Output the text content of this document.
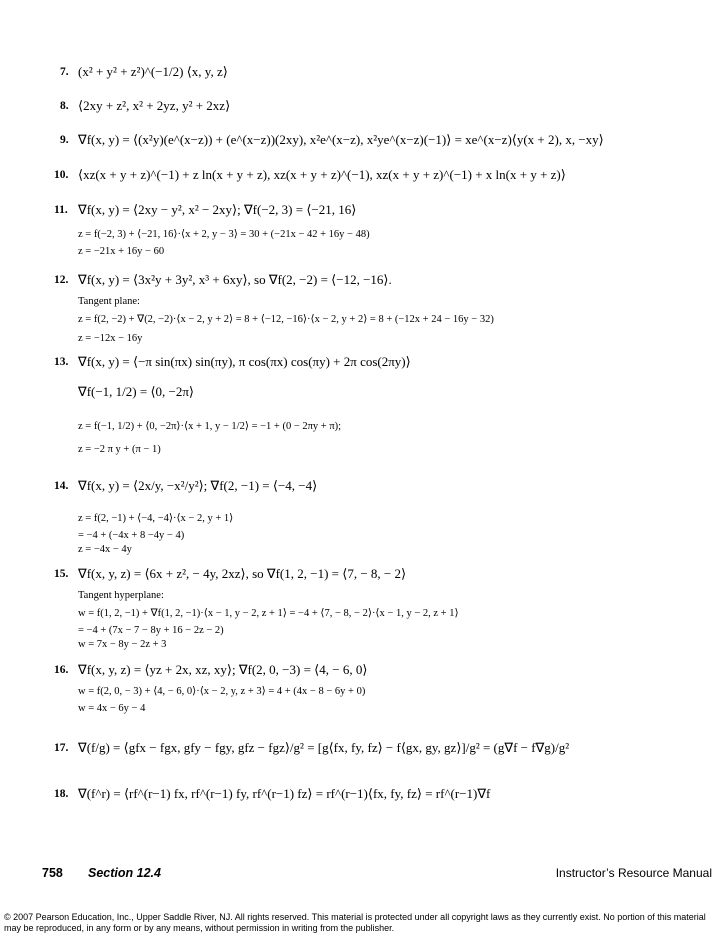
7. (x² + y² + z²)^(−1/2) ⟨x, y, z⟩
8. ⟨2xy + z², x² + 2yz, y² + 2xz⟩
9. ∇f(x, y) = ⟨(x²y)(e^(x−z)) + (e^(x−z))(2xy), x²e^(x−z), x²ye^(x−z)(−1)⟩ = xe^(x−z)⟨y(x + 2), x, −xy⟩
10. ⟨xz(x + y + z)^(−1) + z ln(x + y + z), xz(x + y + z)^(−1), xz(x + y + z)^(−1) + x ln(x + y + z)⟩
11. ∇f(x, y) = ⟨2xy − y², x² − 2xy⟩; ∇f(−2, 3) = ⟨−21, 16⟩
z = f(−2, 3) + ⟨−21, 16⟩·⟨x + 2, y − 3⟩ = 30 + (−21x − 42 + 16y − 48)
z = −21x + 16y − 60
12. ∇f(x, y) = ⟨3x²y + 3y², x³ + 6xy⟩, so ∇f(2, −2) = ⟨−12, −16⟩.
Tangent plane:
z = f(2, −2) + ∇(2, −2)·⟨x − 2, y + 2⟩ = 8 + ⟨−12, −16⟩·⟨x − 2, y + 2⟩ = 8 + (−12x + 24 − 16y − 32)
z = −12x − 16y
13. ∇f(x, y) = ⟨−π sin(πx) sin(πy), π cos(πx) cos(πy) + 2π cos(2πy)⟩
∇f(−1, 1/2) = ⟨0, −2π⟩
z = f(−1, 1/2) + ⟨0, −2π⟩·⟨x + 1, y − 1/2⟩ = −1 + (0 − 2πy + π);
z = −2 π y + (π − 1)
14. ∇f(x, y) = ⟨2x/y, −x²/y²⟩; ∇f(2, −1) = ⟨−4, −4⟩
z = f(2, −1) + ⟨−4, −4⟩·⟨x − 2, y + 1⟩
= −4 + (−4x + 8 −4y − 4)
z = −4x − 4y
15. ∇f(x, y, z) = ⟨6x + z², − 4y, 2xz⟩, so ∇f(1, 2, −1) = ⟨7, − 8, − 2⟩
Tangent hyperplane:
w = f(1, 2, −1) + ∇f(1, 2, −1)·⟨x − 1, y − 2, z + 1⟩ = −4 + ⟨7, − 8, − 2⟩·⟨x − 1, y − 2, z + 1⟩
= −4 + (7x − 7 − 8y + 16 − 2z − 2)
w = 7x − 8y − 2z + 3
16. ∇f(x, y, z) = ⟨yz + 2x, xz, xy⟩; ∇f(2, 0, −3) = ⟨4, − 6, 0⟩
w = f(2, 0, − 3) + ⟨4, − 6, 0⟩·⟨x − 2, y, z + 3⟩ = 4 + (4x − 8 − 6y + 0)
w = 4x − 6y − 4
17. ∇(f/g) = ⟨gfx − fgx, gfy − fgy, gfz − fgz⟩/g² = [g⟨fx, fy, fz⟩ − f⟨gx, gy, gz⟩]/g² = (g∇f − f∇g)/g²
18. ∇(f^r) = ⟨rf^(r−1) fx, rf^(r−1) fy, rf^(r−1) fz⟩ = rf^(r−1)⟨fx, fy, fz⟩ = rf^(r−1)∇f
758 Section 12.4	Instructor’s Resource Manual
© 2007 Pearson Education, Inc., Upper Saddle River, NJ. All rights reserved. This material is protected under all copyright laws as they currently exist. No portion of this material may be reproduced, in any form or by any means, without permission in writing from the publisher.
